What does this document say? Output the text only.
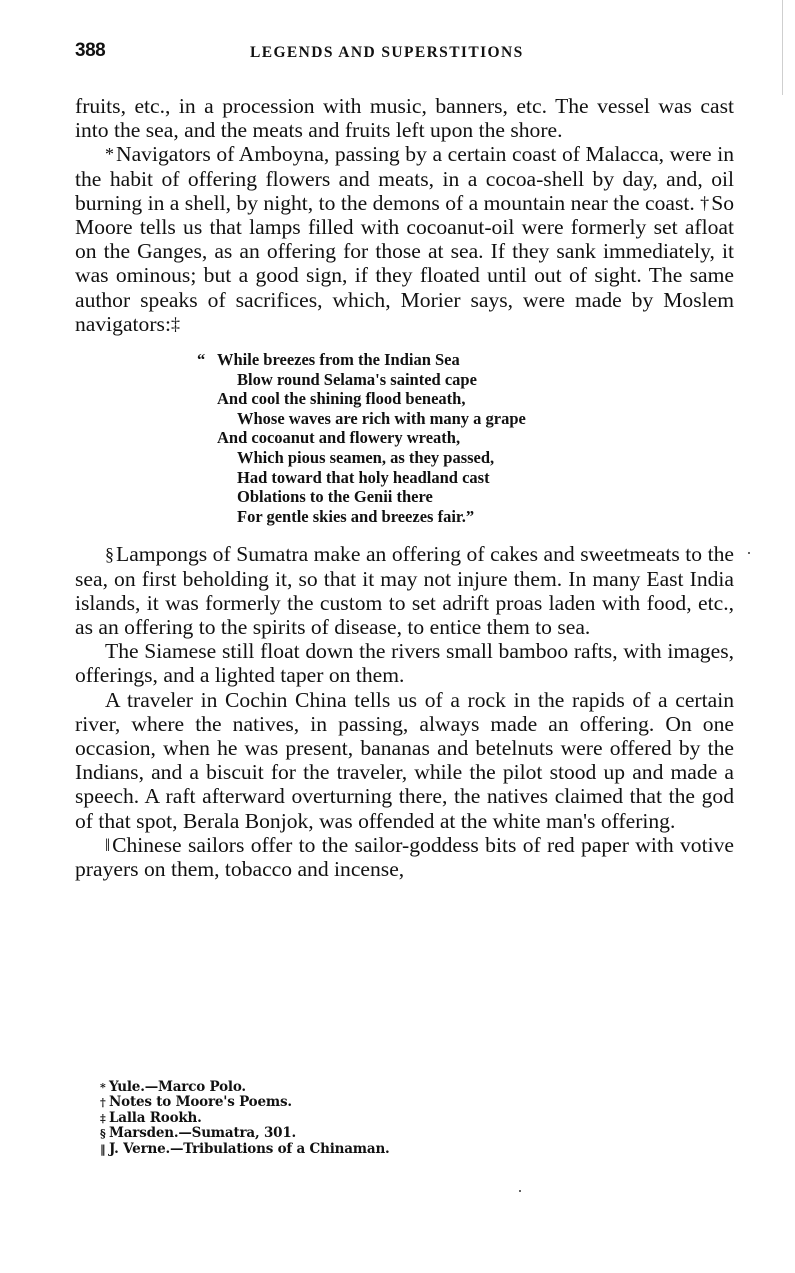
388	LEGENDS AND SUPERSTITIONS

fruits, etc., in a procession with music, banners, etc. The vessel was cast into the sea, and the meats and fruits left upon the shore.

*Navigators of Amboyna, passing by a certain coast of Malacca, were in the habit of offering flowers and meats, in a cocoa-shell by day, and, oil burning in a shell, by night, to the demons of a mountain near the coast. †So Moore tells us that lamps filled with cocoanut-oil were formerly set afloat on the Ganges, as an offering for those at sea. If they sank immediately, it was ominous; but a good sign, if they floated until out of sight. The same author speaks of sacrifices, which, Morier says, were made by Moslem navigators:‡

“ While breezes from the Indian Sea
Blow round Selama's sainted cape
And cool the shining flood beneath,
Whose waves are rich with many a grape
And cocoanut and flowery wreath,
Which pious seamen, as they passed,
Had toward that holy headland cast
Oblations to the Genii there
For gentle skies and breezes fair.”

§Lampongs of Sumatra make an offering of cakes and sweetmeats to the sea, on first beholding it, so that it may not injure them. In many East India islands, it was formerly the custom to set adrift proas laden with food, etc., as an offering to the spirits of disease, to entice them to sea.

The Siamese still float down the rivers small bamboo rafts, with images, offerings, and a lighted taper on them.

A traveler in Cochin China tells us of a rock in the rapids of a certain river, where the natives, in passing, always made an offering. On one occasion, when he was present, bananas and betelnuts were offered by the Indians, and a biscuit for the traveler, while the pilot stood up and made a speech. A raft afterward overturning there, the natives claimed that the god of that spot, Berala Bonjok, was offended at the white man's offering.

‖Chinese sailors offer to the sailor-goddess bits of red paper with votive prayers on them, tobacco and incense,

* Yule.—Marco Polo.
† Notes to Moore's Poems.
‡ Lalla Rookh.
§ Marsden.—Sumatra, 301.
‖ J. Verne.—Tribulations of a Chinaman.
